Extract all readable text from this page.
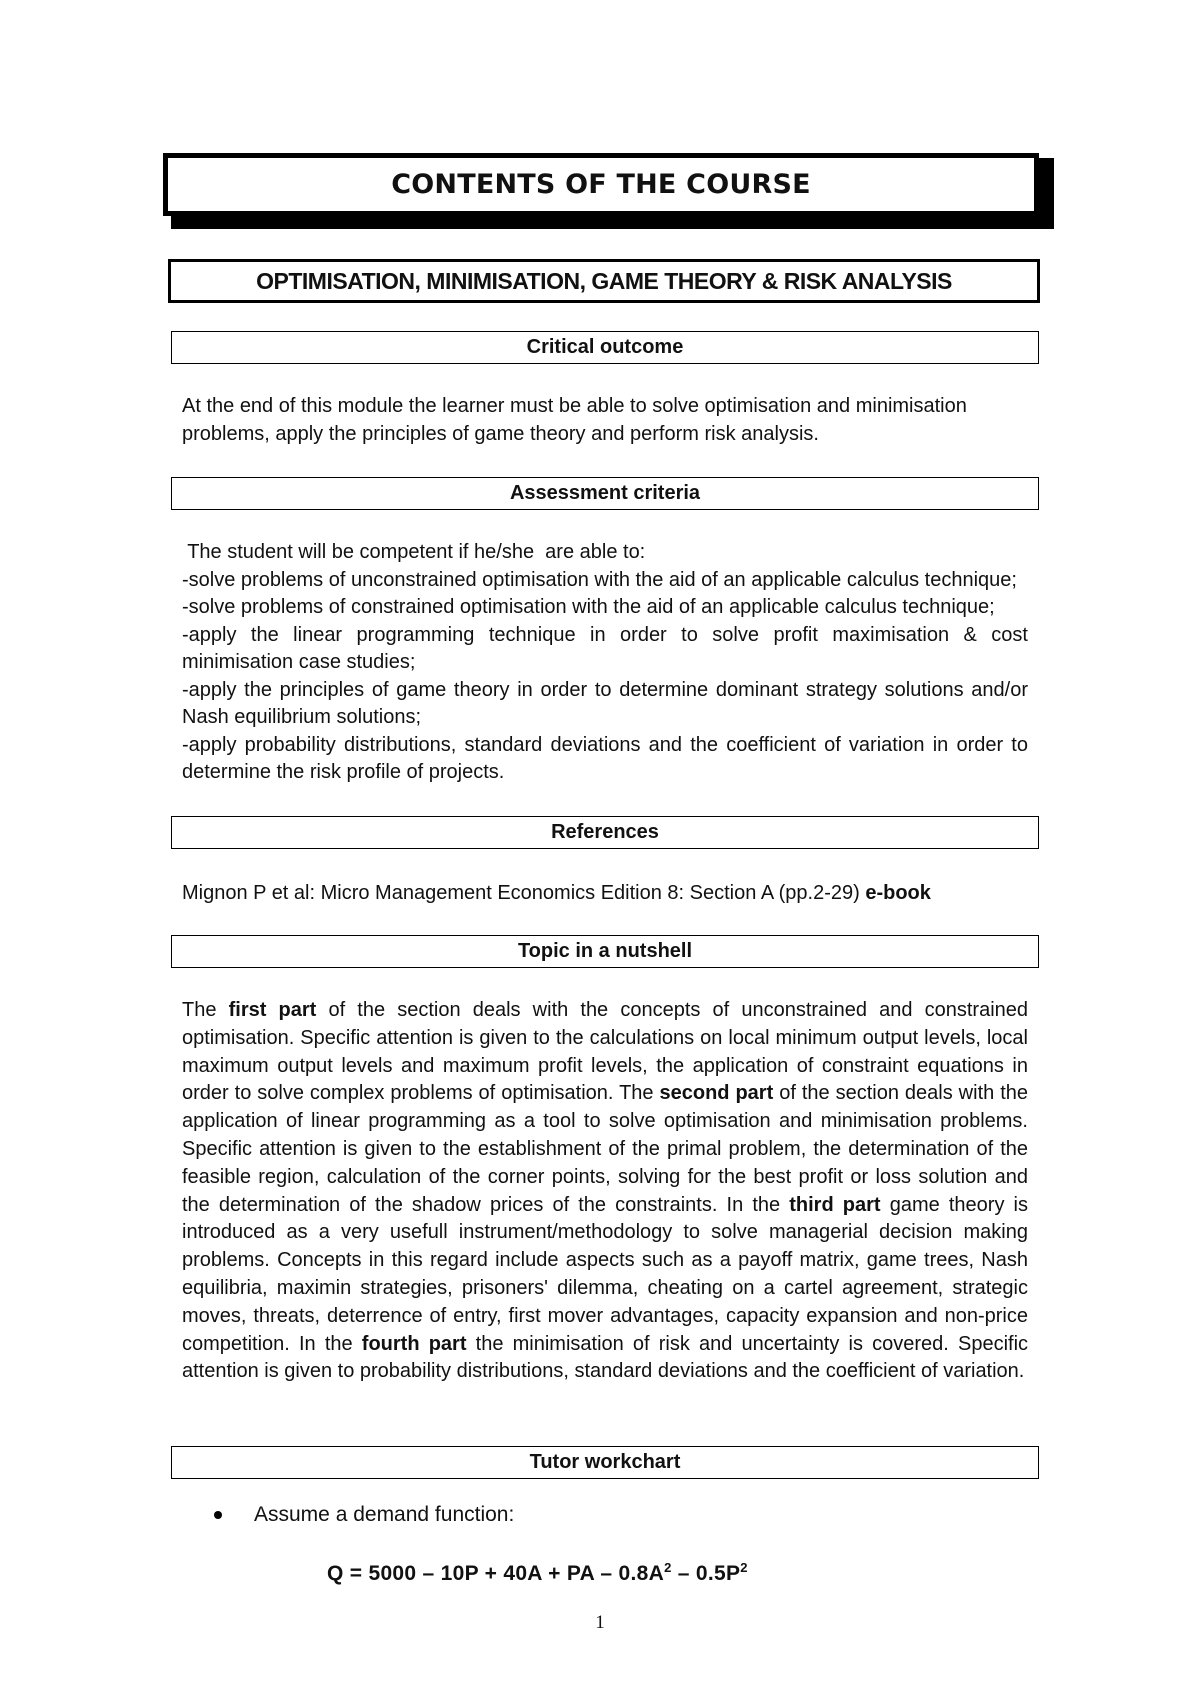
CONTENTS OF THE COURSE
OPTIMISATION, MINIMISATION, GAME THEORY & RISK ANALYSIS
Critical outcome

At the end of this module the learner must be able to solve optimisation and minimisation problems, apply the principles of game theory and perform risk analysis.

Assessment criteria
The student will be competent if he/she  are able to:
-solve problems of unconstrained optimisation with the aid of an applicable calculus technique;
-solve problems of constrained optimisation with the aid of an applicable calculus technique;
-apply the linear programming technique in order to solve profit maximisation & cost minimisation case studies;
-apply the principles of game theory in order to determine dominant strategy solutions and/or Nash equilibrium solutions;
-apply probability distributions, standard deviations and the coefficient of variation in order to determine the risk profile of projects.
References

Mignon P et al: Micro Management Economics Edition 8: Section A (pp.2-29) e-book

Topic in a nutshell

The first part of the section deals with the concepts of unconstrained and constrained optimisation. Specific attention is given to the calculations on local minimum output levels, local maximum output levels and maximum profit levels, the application of constraint equations in order to solve complex problems of optimisation. The second part of the section deals with the application of linear programming as a tool to solve optimisation and minimisation problems. Specific attention is given to the establishment of the primal problem, the determination of the feasible region, calculation of the corner points, solving for the best profit or loss solution and the determination of the shadow prices of the constraints. In the third part game theory is introduced as a very usefull instrument/methodology to solve managerial decision making problems. Concepts in this regard include aspects such as a payoff matrix, game trees, Nash equilibria, maximin strategies, prisoners' dilemma, cheating on a cartel agreement, strategic moves, threats, deterrence of entry, first mover advantages, capacity expansion and non-price competition. In the fourth part the minimisation of risk and uncertainty is covered. Specific attention is given to probability distributions, standard deviations and the coefficient of variation.

Tutor workchart
Assume a demand function:
Q = 5000 – 10P + 40A + PA – $0.8A^2 - 0.5P^2$
1
